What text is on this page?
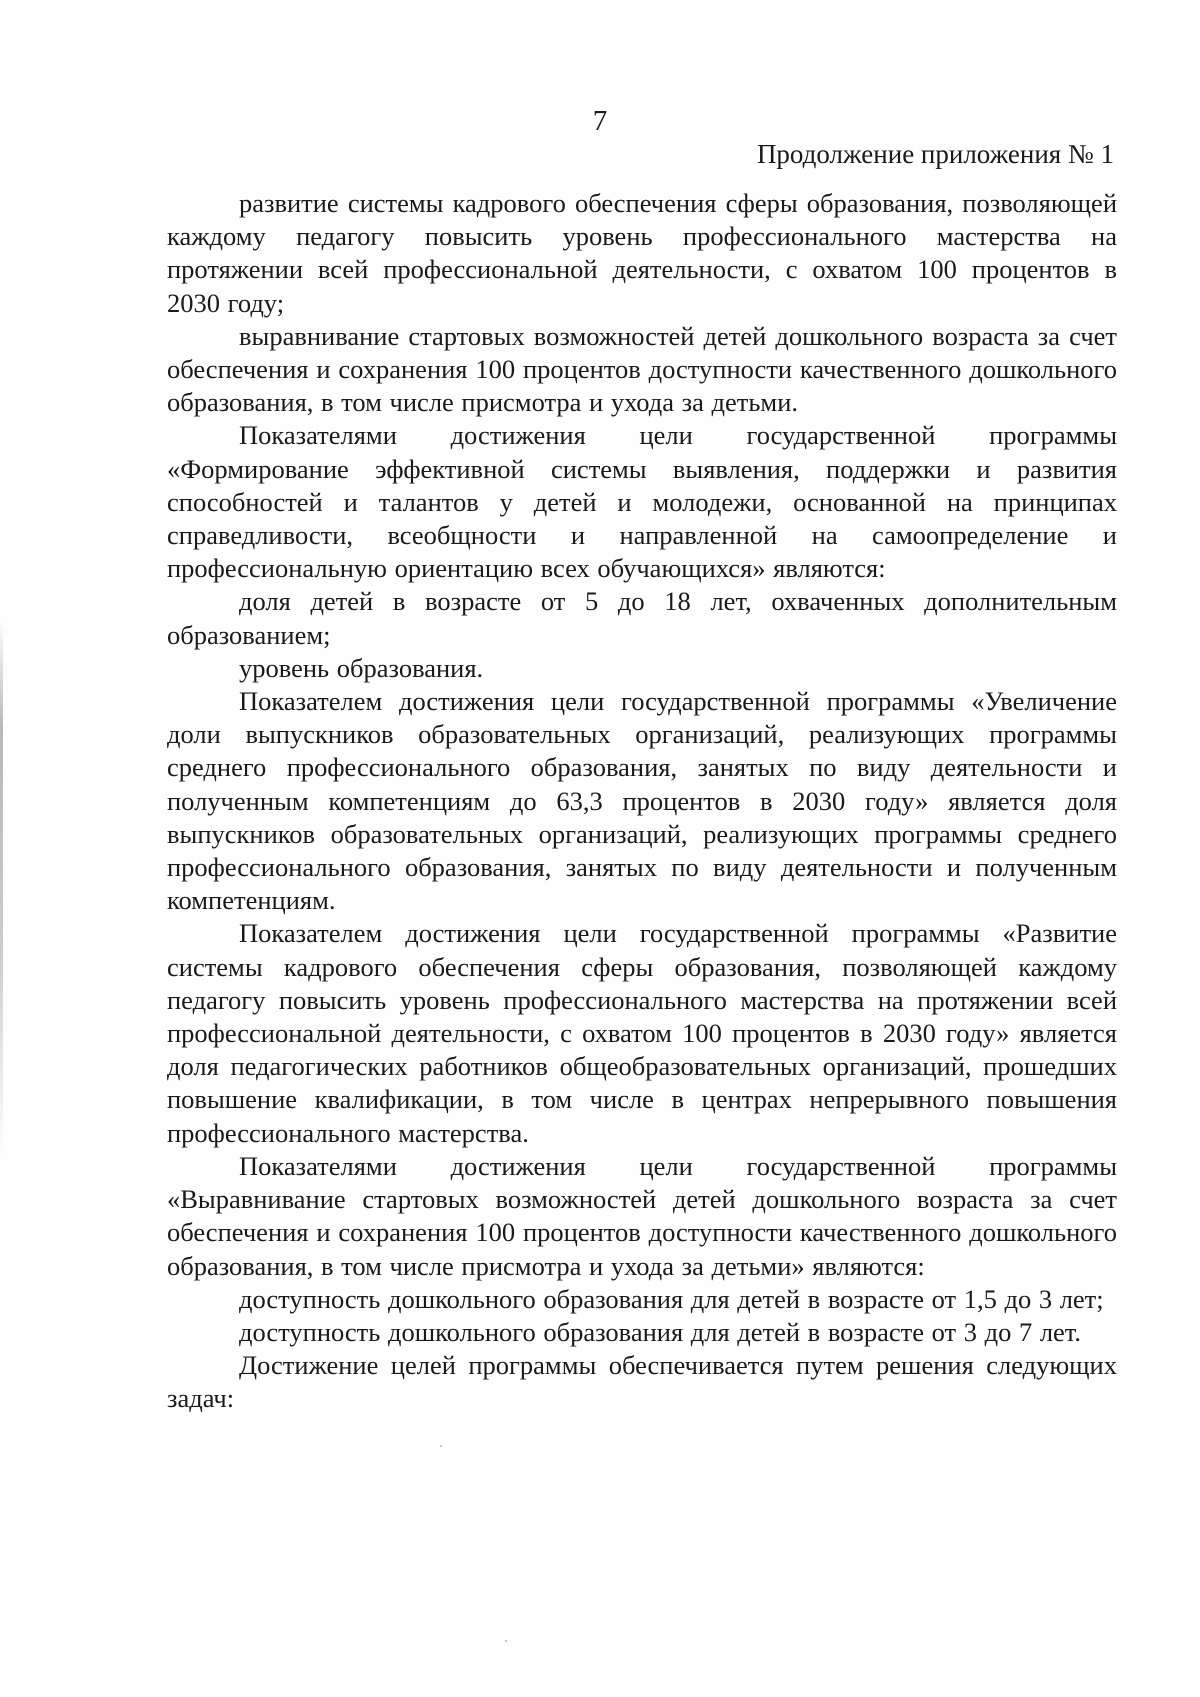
7
Продолжение приложения № 1

развитие системы кадрового обеспечения сферы образования, позволяющей каждому педагогу повысить уровень профессионального мастерства на протяжении всей профессиональной деятельности, с охватом 100 процентов в 2030 году;

выравнивание стартовых возможностей детей дошкольного возраста за счет обеспечения и сохранения 100 процентов доступности качественного дошкольного образования, в том числе присмотра и ухода за детьми.

Показателями достижения цели государственной программы «Формирование эффективной системы выявления, поддержки и развития способностей и талантов у детей и молодежи, основанной на принципах справедливости, всеобщности и направленной на самоопределение и профессиональную ориентацию всех обучающихся» являются:

доля детей в возрасте от 5 до 18 лет, охваченных дополнительным образованием;

уровень образования.

Показателем достижения цели государственной программы «Увеличение доли выпускников образовательных организаций, реализующих программы среднего профессионального образования, занятых по виду деятельности и полученным компетенциям до 63,3 процентов в 2030 году» является доля выпускников образовательных организаций, реализующих программы среднего профессионального образования, занятых по виду деятельности и полученным компетенциям.

Показателем достижения цели государственной программы «Развитие системы кадрового обеспечения сферы образования, позволяющей каждому педагогу повысить уровень профессионального мастерства на протяжении всей профессиональной деятельности, с охватом 100 процентов в 2030 году» является доля педагогических работников общеобразовательных организаций, прошедших повышение квалификации, в том числе в центрах непрерывного повышения профессионального мастерства.

Показателями достижения цели государственной программы «Выравнивание стартовых возможностей детей дошкольного возраста за счет обеспечения и сохранения 100 процентов доступности качественного дошкольного образования, в том числе присмотра и ухода за детьми» являются:

доступность дошкольного образования для детей в возрасте от 1,5 до 3 лет;

доступность дошкольного образования для детей в возрасте от 3 до 7 лет.

Достижение целей программы обеспечивается путем решения следующих задач:
